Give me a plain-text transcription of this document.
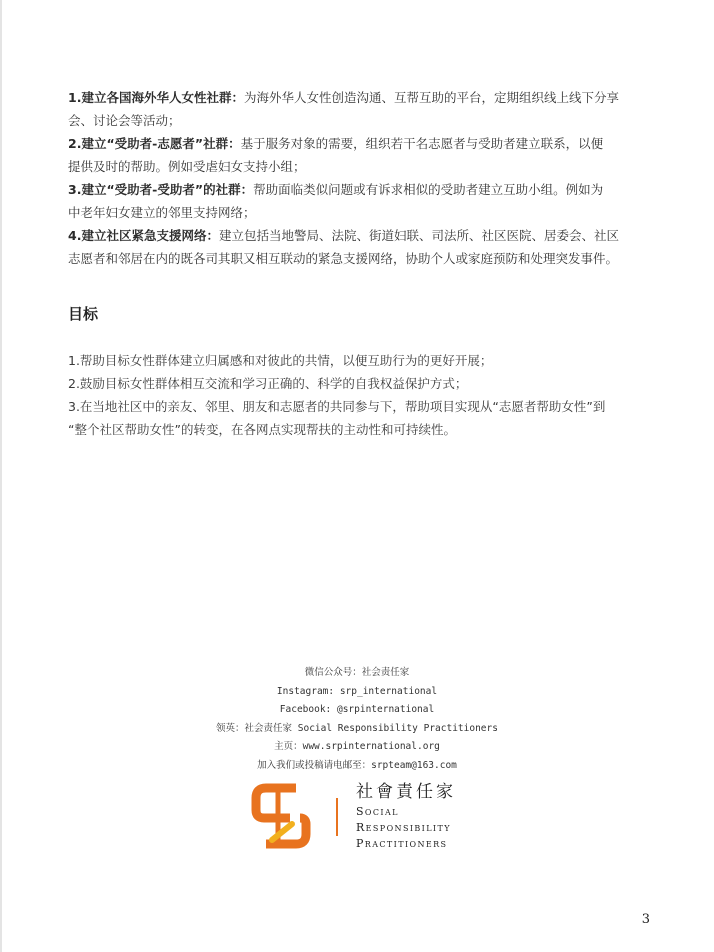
1.建立各国海外华人女性社群：为海外华人女性创造沟通、互帮互助的平台，定期组织线上线下分享
会、讨论会等活动；

2.建立“受助者-志愿者”社群：基于服务对象的需要，组织若干名志愿者与受助者建立联系，以便
提供及时的帮助。例如受虐妇女支持小组；

3.建立“受助者-受助者”的社群：帮助面临类似问题或有诉求相似的受助者建立互助小组。例如为
中老年妇女建立的邻里支持网络；

4.建立社区紧急支援网络：建立包括当地警局、法院、街道妇联、司法所、社区医院、居委会、社区
志愿者和邻居在内的既各司其职又相互联动的紧急支援网络，协助个人或家庭预防和处理突发事件。

目标

1.帮助目标女性群体建立归属感和对彼此的共情，以便互助行为的更好开展；

2.鼓励目标女性群体相互交流和学习正确的、科学的自我权益保护方式；

3.在当地社区中的亲友、邻里、朋友和志愿者的共同参与下，帮助项目实现从“志愿者帮助女性”到

“整个社区帮助女性”的转变，在各网点实现帮扶的主动性和可持续性。

微信公众号：社会责任家
Instagram: srp_international
Facebook: @srpinternational
领英：社会责任家 Social Responsibility Practitioners
主页：www.srpinternational.org
加入我们或投稿请电邮至：srpteam@163.com
社會責任家
Social
Responsibility
Practitioners
3
